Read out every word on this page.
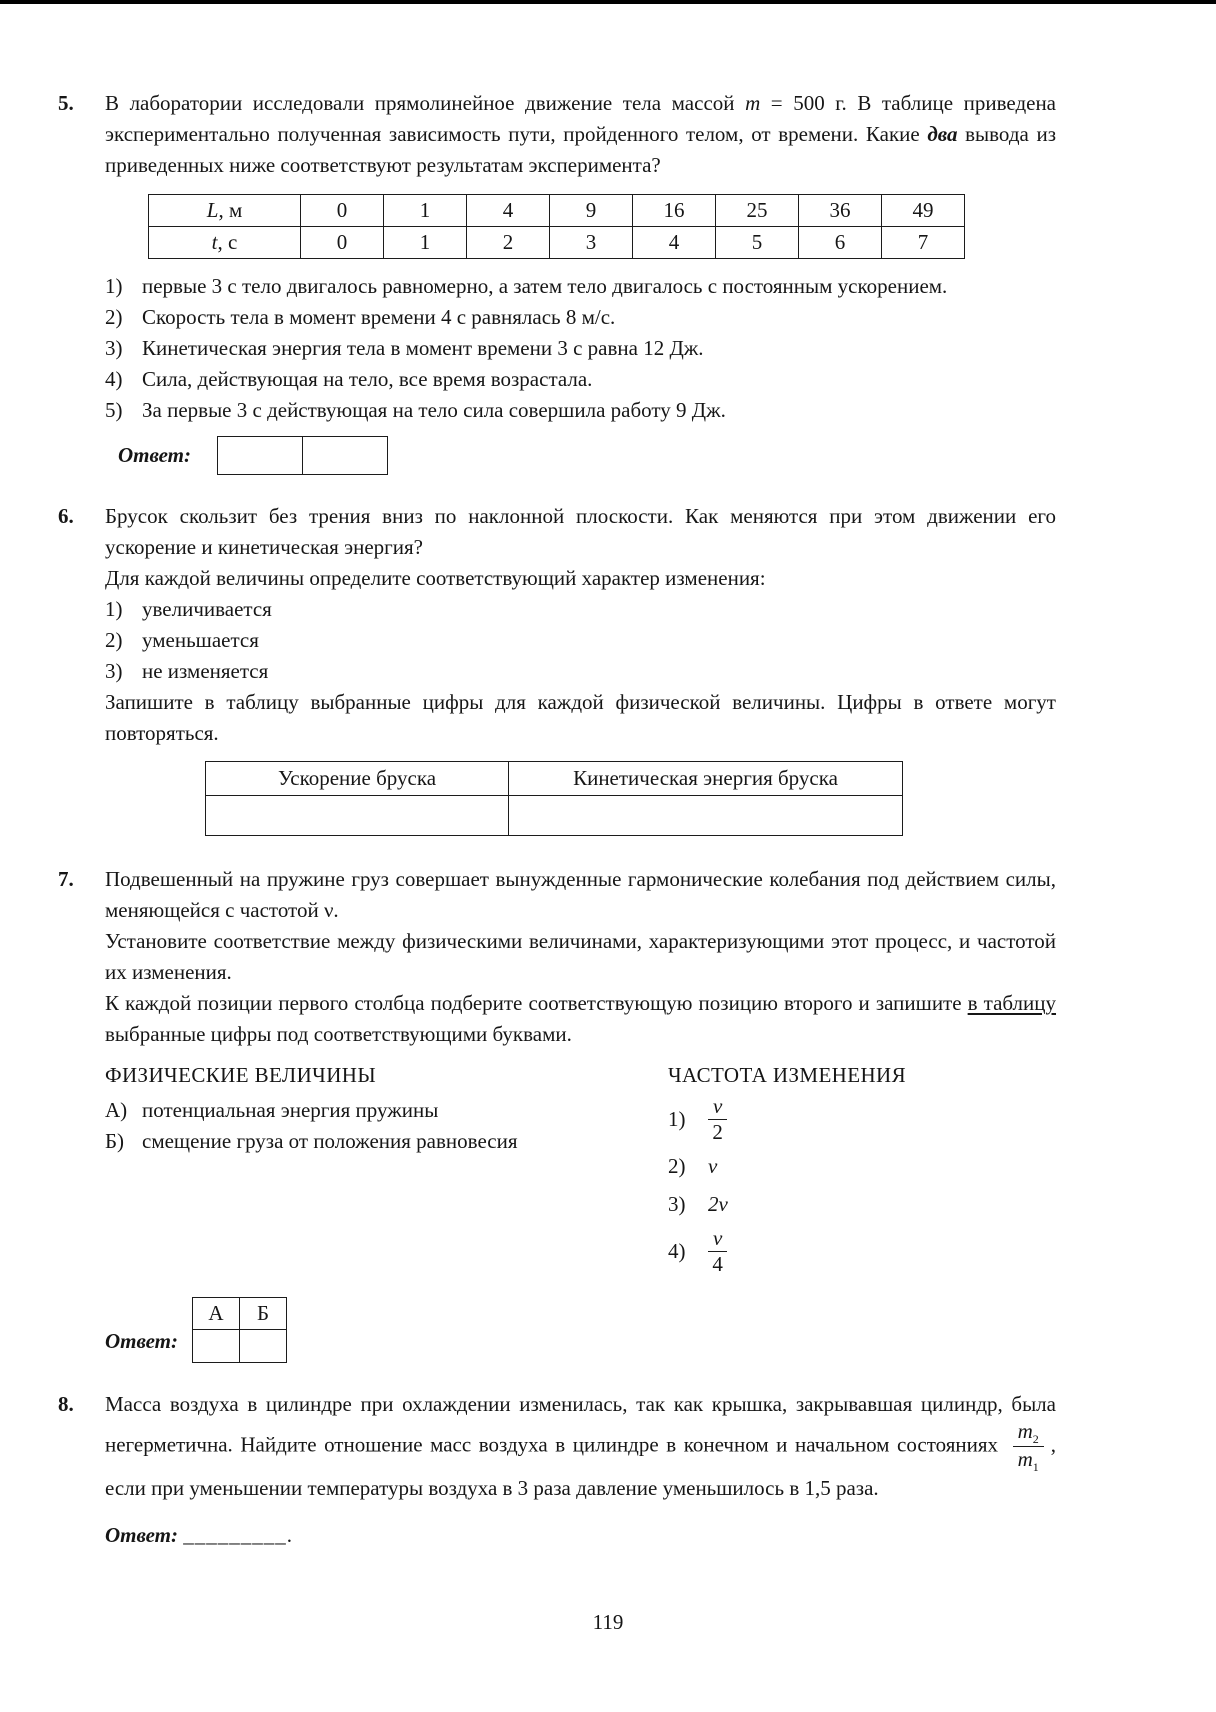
5.	В лаборатории исследовали прямолинейное движение тела массой m = 500 г. В таблице приведена экспериментально полученная зависимость пути, пройденного телом, от времени. Какие два вывода из приведенных ниже соответствуют результатам эксперимента?

L, м	0	1	4	9	16	25	36	49
t, с	0	1	2	3	4	5	6	7
1) первые 3 с тело двигалось равномерно, а затем тело двигалось с постоянным ускорением.
2) Скорость тела в момент времени 4 с равнялась 8 м/с.
3) Кинетическая энергия тела в момент времени 3 с равна 12 Дж.
4) Сила, действующая на тело, все время возрастала.
5) За первые 3 с действующая на тело сила совершила работу 9 Дж.
Ответ:

6.	Брусок скользит без трения вниз по наклонной плоскости. Как меняются при этом движении его ускорение и кинетическая энергия?

Для каждой величины определите соответствующий характер изменения:

1) увеличивается
2) уменьшается
3) не изменяется

Запишите в таблицу выбранные цифры для каждой физической величины. Цифры в ответе могут повторяться.

Ускорение бруска	Кинетическая энергия бруска

7.	Подвешенный на пружине груз совершает вынужденные гармонические колебания под действием силы, меняющейся с частотой ν.

Установите соответствие между физическими величинами, характеризующими этот процесс, и частотой их изменения.

К каждой позиции первого столбца подберите соответствующую позицию второго и запишите в таблицу выбранные цифры под соответствующими буквами.

ФИЗИЧЕСКИЕ ВЕЛИЧИНЫ
А) потенциальная энергия пружины
Б) смещение груза от положения равновесия
ЧАСТОТА ИЗМЕНЕНИЯ
1)	$\frac{\nu}{2}$
2)	ν
3)	2ν
4)	$\frac{\nu}{4}$
Ответ:
А	Б

8.	Масса воздуха в цилиндре при охлаждении изменилась, так как крышка, закрывавшая цилиндр, была негерметична. Найдите отношение масс воздуха в цилиндре в конечном и начальном состояниях $\frac{m_2}{m_1}$ , если при уменьшении температуры воздуха в 3 раза давление уменьшилось в 1,5 раза.

Ответ: _________.

119
